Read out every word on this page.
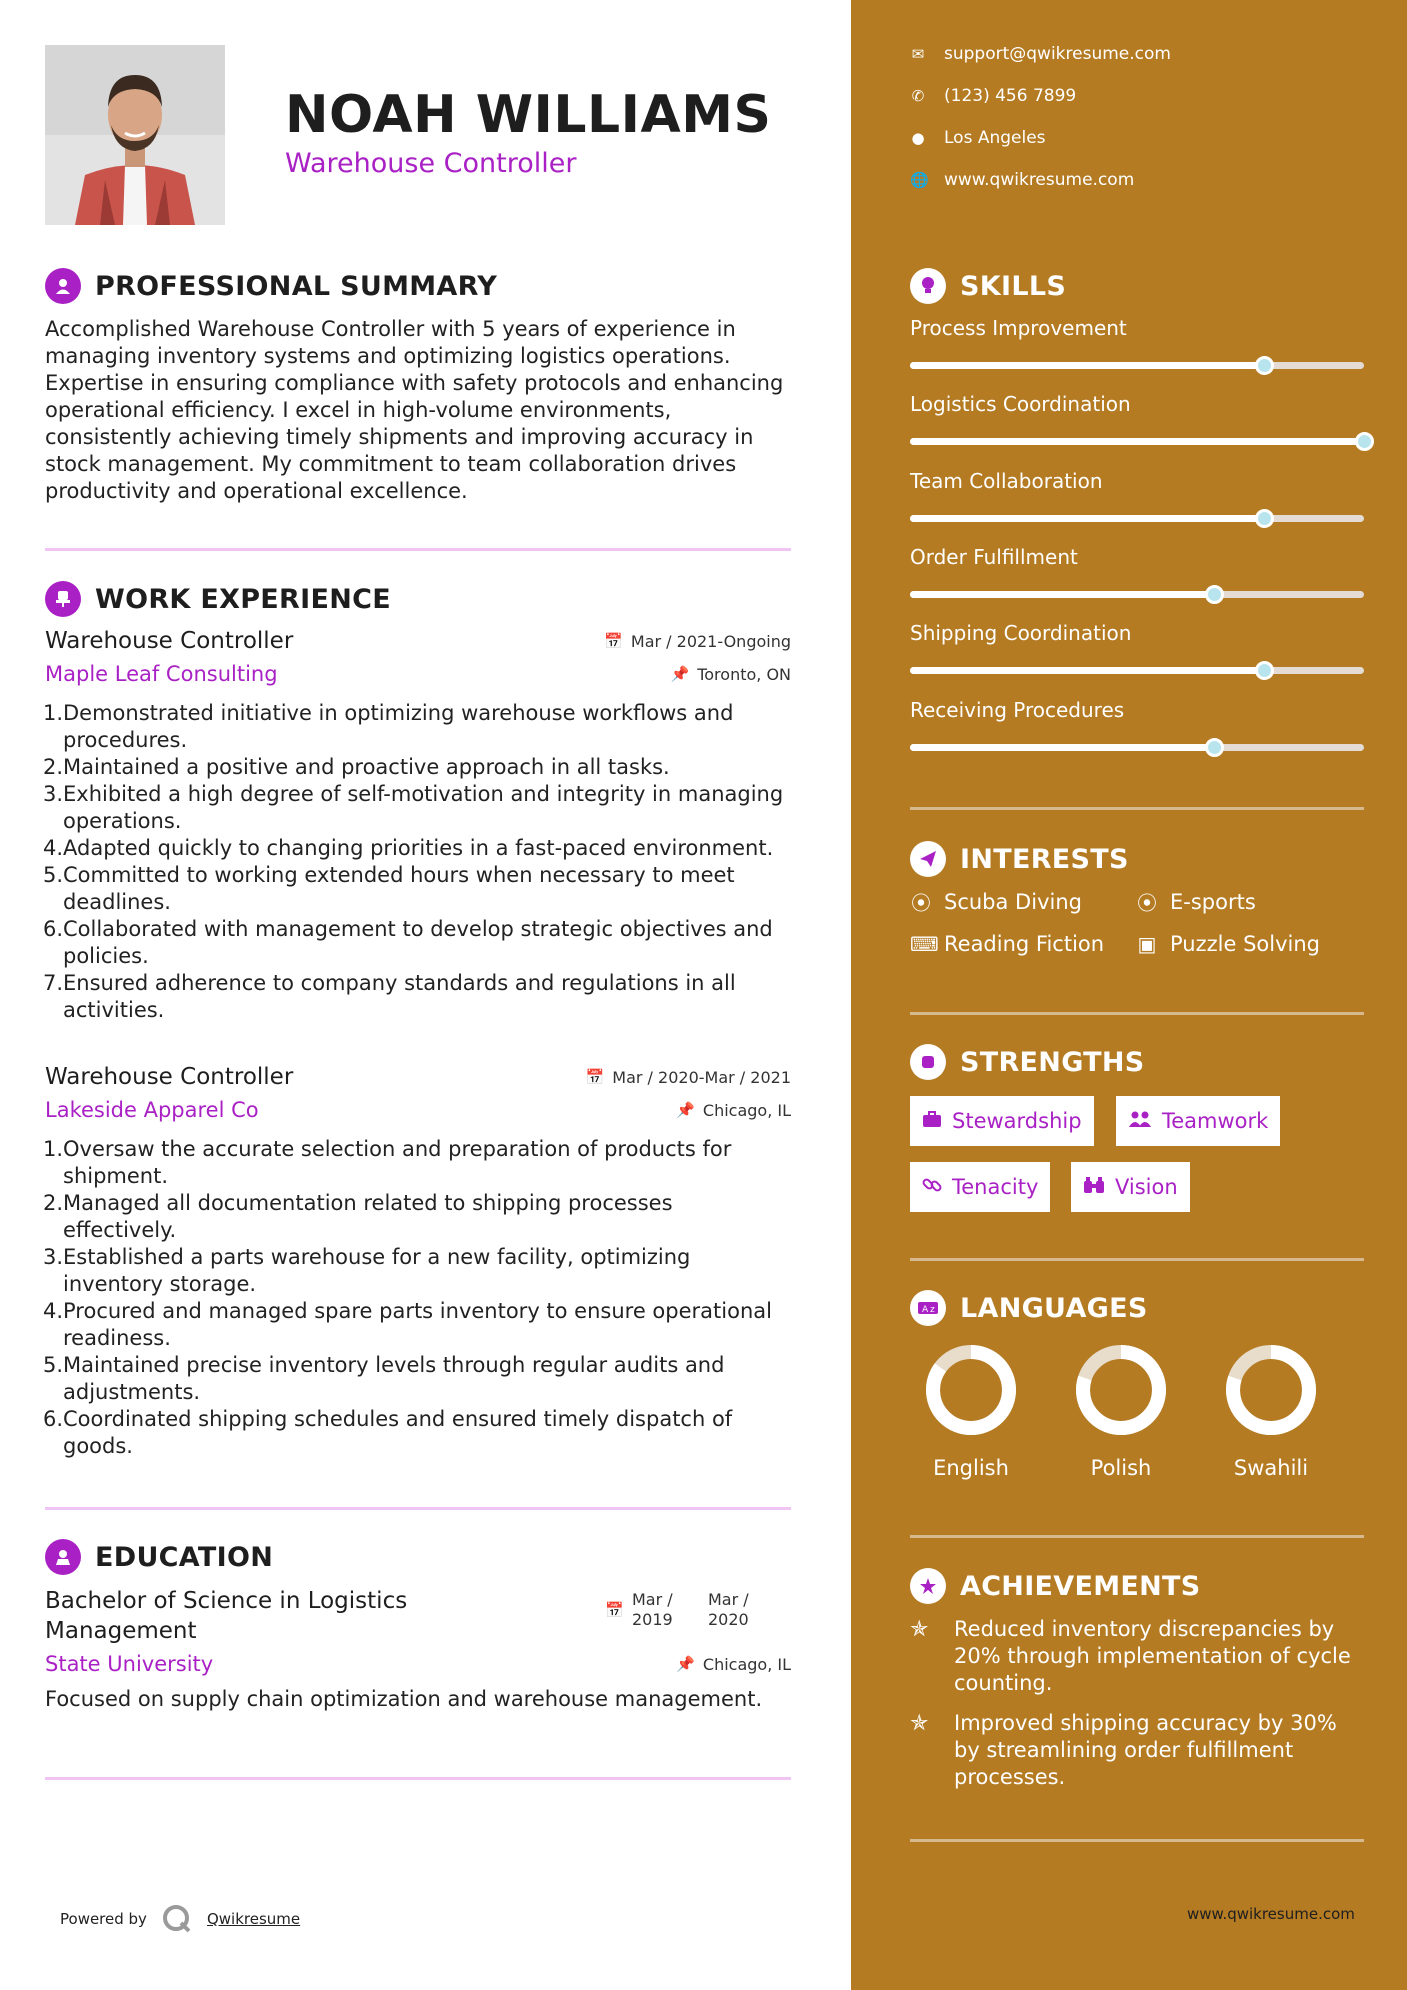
NOAH WILLIAMS
Warehouse Controller
PROFESSIONAL SUMMARY
Accomplished Warehouse Controller with 5 years of experience in managing inventory systems and optimizing logistics operations. Expertise in ensuring compliance with safety protocols and enhancing operational efficiency. I excel in high-volume environments, consistently achieving timely shipments and improving accuracy in stock management. My commitment to team collaboration drives productivity and operational excellence.
WORK EXPERIENCE
Warehouse Controller	📅 Mar / 2021-Ongoing
Maple Leaf Consulting	📌 Toronto, ON
Demonstrated initiative in optimizing warehouse workflows and procedures.
Maintained a positive and proactive approach in all tasks.
Exhibited a high degree of self-motivation and integrity in managing operations.
Adapted quickly to changing priorities in a fast-paced environment.
Committed to working extended hours when necessary to meet deadlines.
Collaborated with management to develop strategic objectives and policies.
Ensured adherence to company standards and regulations in all activities.
Warehouse Controller	📅 Mar / 2020-Mar / 2021
Lakeside Apparel Co	📌 Chicago, IL
Oversaw the accurate selection and preparation of products for shipment.
Managed all documentation related to shipping processes effectively.
Established a parts warehouse for a new facility, optimizing inventory storage.
Procured and managed spare parts inventory to ensure operational readiness.
Maintained precise inventory levels through regular audits and adjustments.
Coordinated shipping schedules and ensured timely dispatch of goods.
EDUCATION
Bachelor of Science in Logistics Management
📅
Mar / 2019
Mar / 2020
State University	📌 Chicago, IL
Focused on supply chain optimization and warehouse management.
Powered by	Qwikresume
✉ support@qwikresume.com
✆ (123) 456 7899
● Los Angeles
🌐 www.qwikresume.com
SKILLS
Process Improvement
Logistics Coordination
Team Collaboration
Order Fulfillment
Shipping Coordination
Receiving Procedures
INTERESTS
⦿ Scuba Diving	⦿ E-sports
⌨ Reading Fiction ▣ Puzzle Solving
STRENGTHS
Stewardship	Teamwork
Tenacity	Vision
A z LANGUAGES
English	Polish	Swahili
ACHIEVEMENTS
✯	Reduced inventory discrepancies by 20% through implementation of cycle counting.
✯	Improved shipping accuracy by 30% by streamlining order fulfillment processes.
www.qwikresume.com
